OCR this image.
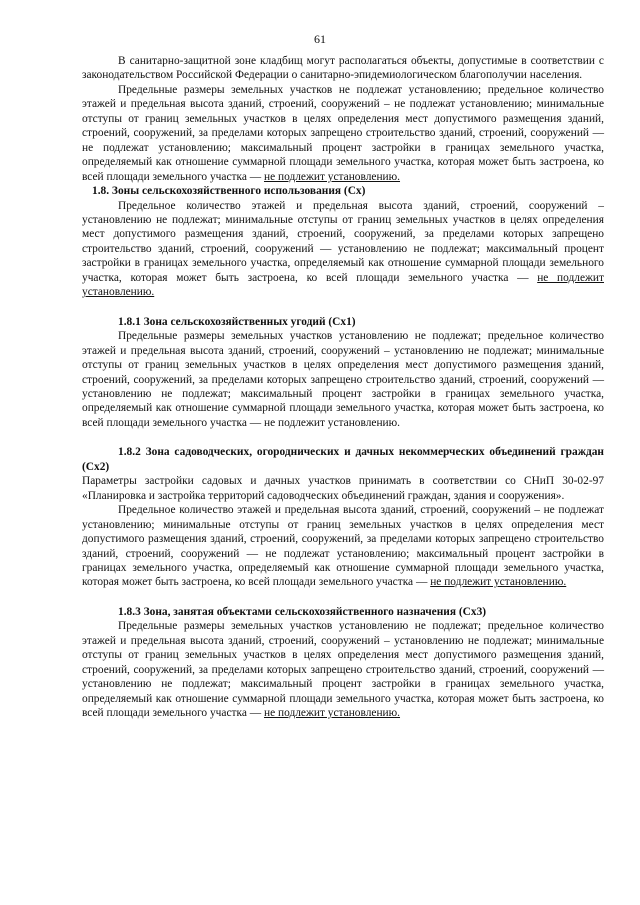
61

В санитарно-защитной зоне кладбищ могут располагаться объекты, допустимые в соответствии с законодательством Российской Федерации о санитарно-эпидемиологическом благополучии населения.

Предельные размеры земельных участков не подлежат установлению; предельное количество этажей и предельная высота зданий, строений, сооружений – не подлежат установлению; минимальные отступы от границ земельных участков в целях определения мест допустимого размещения зданий, строений, сооружений, за пределами которых запрещено строительство зданий, строений, сооружений — не подлежат установлению; максимальный процент застройки в границах земельного участка, определяемый как отношение суммарной площади земельного участка, которая может быть застроена, ко всей площади земельного участка — не подлежит установлению.

1.8. Зоны сельскохозяйственного использования (Сх)

Предельное количество этажей и предельная высота зданий, строений, сооружений – установлению не подлежат; минимальные отступы от границ земельных участков в целях определения мест допустимого размещения зданий, строений, сооружений, за пределами которых запрещено строительство зданий, строений, сооружений — установлению не подлежат; максимальный процент застройки в границах земельного участка, определяемый как отношение суммарной площади земельного участка, которая может быть застроена, ко всей площади земельного участка — не подлежит установлению.

1.8.1 Зона сельскохозяйственных угодий (Сх1)

Предельные размеры земельных участков установлению не подлежат; предельное количество этажей и предельная высота зданий, строений, сооружений – установлению не подлежат; минимальные отступы от границ земельных участков в целях определения мест допустимого размещения зданий, строений, сооружений, за пределами которых запрещено строительство зданий, строений, сооружений — установлению не подлежат; максимальный процент застройки в границах земельного участка, определяемый как отношение суммарной площади земельного участка, которая может быть застроена, ко всей площади земельного участка — не подлежит установлению.

1.8.2 Зона садоводческих, огороднических и дачных некоммерческих объединений граждан (Сх2)

Параметры застройки садовых и дачных участков принимать в соответствии со СНиП 30-02-97 «Планировка и застройка территорий садоводческих объединений граждан, здания и сооружения».

Предельное количество этажей и предельная высота зданий, строений, сооружений – не подлежат установлению; минимальные отступы от границ земельных участков в целях определения мест допустимого размещения зданий, строений, сооружений, за пределами которых запрещено строительство зданий, строений, сооружений — не подлежат установлению; максимальный процент застройки в границах земельного участка, определяемый как отношение суммарной площади земельного участка, которая может быть застроена, ко всей площади земельного участка — не подлежит установлению.

1.8.3 Зона, занятая объектами сельскохозяйственного назначения (Сх3)

Предельные размеры земельных участков установлению не подлежат; предельное количество этажей и предельная высота зданий, строений, сооружений – установлению не подлежат; минимальные отступы от границ земельных участков в целях определения мест допустимого размещения зданий, строений, сооружений, за пределами которых запрещено строительство зданий, строений, сооружений — установлению не подлежат; максимальный процент застройки в границах земельного участка, определяемый как отношение суммарной площади земельного участка, которая может быть застроена, ко всей площади земельного участка — не подлежит установлению.
